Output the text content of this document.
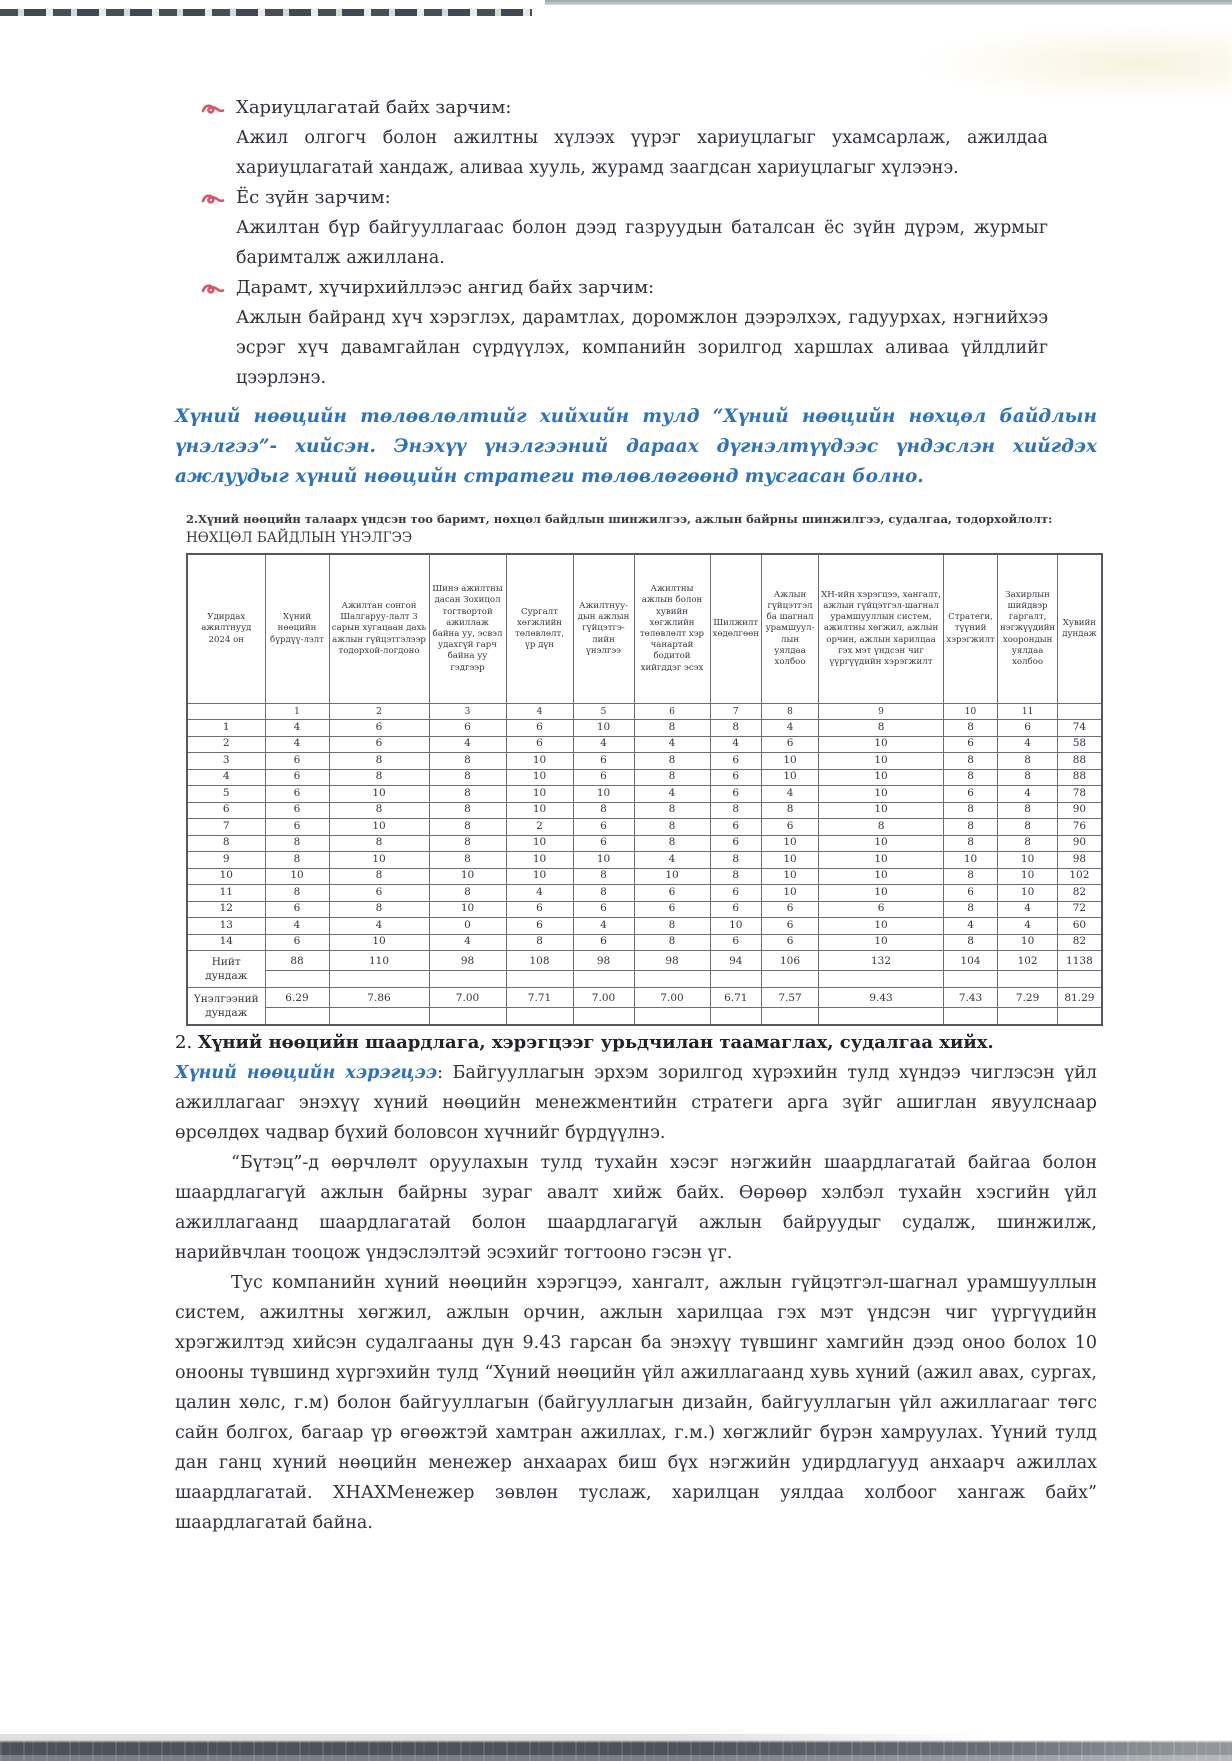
Хариуцлагатай байх зарчим:
Ажил олгогч болон ажилтны хүлээх үүрэг хариуцлагыг ухамсарлаж, ажилдаа хариуцлагатай хандаж, аливаа хууль, журамд заагдсан хариуцлагыг хүлээнэ.
Ёс зүйн зарчим:
Ажилтан бүр байгууллагаас болон дээд газруудын баталсан ёс зүйн дүрэм, журмыг баримталж ажиллана.
Дарамт, хүчирхийллээс ангид байх зарчим:
Ажлын байранд хүч хэрэглэх, дарамтлах, доромжлон дээрэлхэх, гадуурхах, нэгнийхээ эсрэг хүч давамгайлан сүрдүүлэх, компанийн зорилгод харшлах аливаа үйлдлийг цээрлэнэ.

Хүний нөөцийн төлөвлөлтийг хийхийн тулд “Хүний нөөцийн нөхцөл байдлын үнэлгээ”- хийсэн. Энэхүү үнэлгээний дараах дүгнэлтүүдээс үндэслэн хийгдэх ажлуудыг хүний нөөцийн стратеги төлөвлөгөөнд тусгасан болно.

2.Хүний нөөцийн талаарх үндсэн тоо баримт, нөхцөл байдлын шинжилгээ, ажлын байрны шинжилгээ, судалгаа, тодорхойлолт:
НӨХЦӨЛ БАЙДЛЫН ҮНЭЛГЭЭ
Удирдах ажилтнууд 2024 он	Хүний нөөцийн бүрдүү-лэлт	Ажилтан сонгон Шалгаруу-лалт 3 сарын хугацаан дахь ажлын гүйцэтгэлээр тодорхой-логдоно	Шинэ ажилтны дасан Зохицол тогтвортой ажиллаж байна уу, эсвэл удахгүй гарч байна уу гэдгээр	Сургалт хөгжлийн төлөвлөлт, үр дүн	Ажилтнуу-дын ажлын гүйцэтгэ-лийн үнэлгээ	Ажилтны ажлын болон хувийн хөгжлийн төлөвлөлт хэр чанартай бодитой хийгддэг эсэх	Шилжилт хөдөлгөөн	Ажлын гүйцэтгэл ба шагнал урамшуул-лын уялдаа холбоо	ХН-ийн хэрэгцээ, хангалт, ажлын гүйцэтгэл-шагнал урамшууллын систем, ажилтны хөгжил, ажлын орчин, ажлын харилцаа гэх мэт үндсэн чиг үүргүүдийн хэрэгжилт	Стратеги, түүний хэрэгжилт	Захирлын шийдвэр гаргалт, нэгжүүдийн хоорондын уялдаа холбоо	Хувийн дундаж
	1	2	3	4	5	6	7	8	9	10	11	
1	4	6	6	6	10	8	8	4	8	8	6	74
2	4	6	4	6	4	4	4	6	10	6	4	58
3	6	8	8	10	6	8	6	10	10	8	8	88
4	6	8	8	10	6	8	6	10	10	8	8	88
5	6	10	8	10	10	4	6	4	10	6	4	78
6	6	8	8	10	8	8	8	8	10	8	8	90
7	6	10	8	2	6	8	6	6	8	8	8	76
8	8	8	8	10	6	8	6	10	10	8	8	90
9	8	10	8	10	10	4	8	10	10	10	10	98
10	10	8	10	10	8	10	8	10	10	8	10	102
11	8	6	8	4	8	6	6	10	10	6	10	82
12	6	8	10	6	6	6	6	6	6	8	4	72
13	4	4	0	6	4	8	10	6	10	4	4	60
14	6	10	4	8	6	8	6	6	10	8	10	82

Нийт
дундаж	88	110	98	108	98	98	94	106	132	104	102	1138

Үнэлгээний
дундаж	6.29	7.86	7.00	7.71	7.00	7.00	6.71	7.57	9.43	7.43	7.29	81.29

2. Хүний нөөцийн шаардлага, хэрэгцээг урьдчилан таамаглах, судалгаа хийх.

Хүний нөөцийн хэрэгцээ: Байгууллагын эрхэм зорилгод хүрэхийн тулд хүндээ чиглэсэн үйл ажиллагааг энэхүү хүний нөөцийн менежментийн стратеги арга зүйг ашиглан явуулснаар өрсөлдөх чадвар бүхий боловсон хүчнийг бүрдүүлнэ.

“Бүтэц”-д өөрчлөлт оруулахын тулд тухайн хэсэг нэгжийн шаардлагатай байгаа болон шаардлагагүй ажлын байрны зураг авалт хийж байх. Өөрөөр хэлбэл тухайн хэсгийн үйл ажиллагаанд шаардлагатай болон шаардлагагүй ажлын байруудыг судалж, шинжилж, нарийвчлан тооцож үндэслэлтэй эсэхийг тогтооно гэсэн үг.

Тус компанийн хүний нөөцийн хэрэгцээ, хангалт, ажлын гүйцэтгэл-шагнал урамшууллын систем, ажилтны хөгжил, ажлын орчин, ажлын харилцаа гэх мэт үндсэн чиг үүргүүдийн хрэгжилтэд хийсэн судалгааны дүн 9.43 гарсан ба энэхүү түвшинг хамгийн дээд оноо болох 10 онооны түвшинд хүргэхийн тулд “Хүний нөөцийн үйл ажиллагаанд хувь хүний (ажил авах, сургах, цалин хөлс, г.м) болон байгууллагын (байгууллагын дизайн, байгууллагын үйл ажиллагааг төгс сайн болгох, багаар үр өгөөжтэй хамтран ажиллах, г.м.) хөгжлийг бүрэн хамруулах. Үүний тулд дан ганц хүний нөөцийн менежер анхаарах биш бүх нэгжийн удирдлагууд анхаарч ажиллах шаардлагатай. ХНАХМенежер зөвлөн туслаж, харилцан уялдаа холбоог хангаж байх” шаардлагатай байна.
